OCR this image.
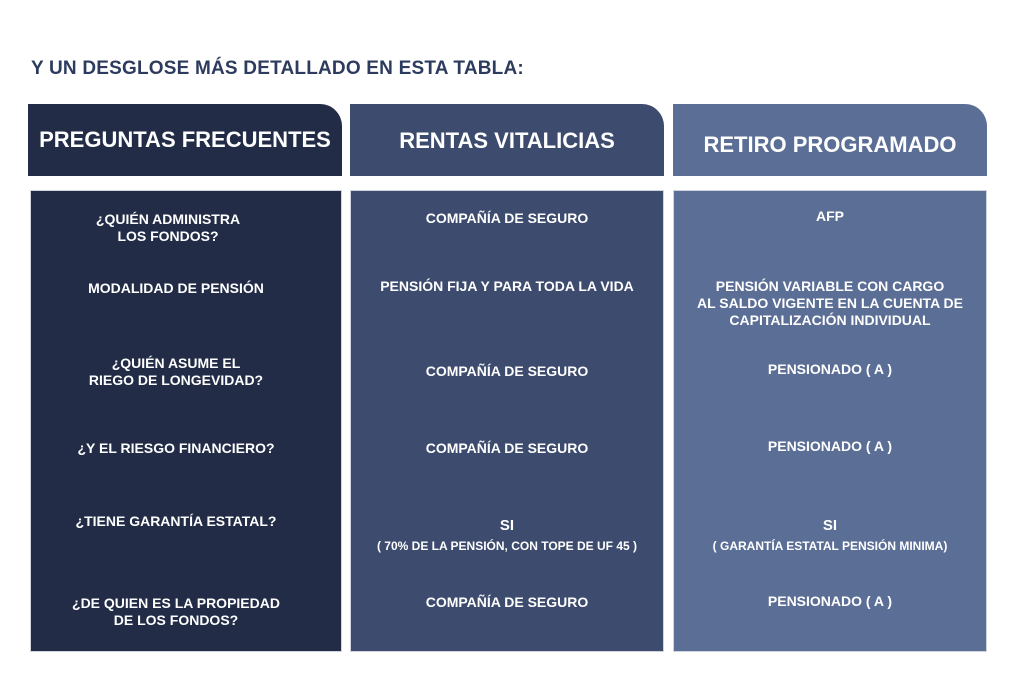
Y UN DESGLOSE MÁS DETALLADO EN ESTA TABLA:
PREGUNTAS FRECUENTES	RENTAS VITALICIAS	RETIRO PROGRAMADO
¿QUIÉN ADMINISTRA
LOS FONDOS?
MODALIDAD DE PENSIÓN
¿QUIÉN ASUME EL
RIEGO DE LONGEVIDAD?
¿Y EL RIESGO FINANCIERO?
¿TIENE GARANTÍA ESTATAL?
¿DE QUIEN ES LA PROPIEDAD
DE LOS FONDOS?
COMPAÑÍA DE SEGURO
PENSIÓN FIJA Y PARA TODA LA VIDA
COMPAÑÍA DE SEGURO
COMPAÑÍA DE SEGURO

SI

( 70% DE LA PENSIÓN, CON TOPE DE UF 45 )

COMPAÑÍA DE SEGURO
AFP
PENSIÓN VARIABLE CON CARGO
AL SALDO VIGENTE EN LA CUENTA DE
CAPITALIZACIÓN INDIVIDUAL
PENSIONADO ( A )
PENSIONADO ( A )

SI

( GARANTÍA ESTATAL PENSIÓN MINIMA)

PENSIONADO ( A )
